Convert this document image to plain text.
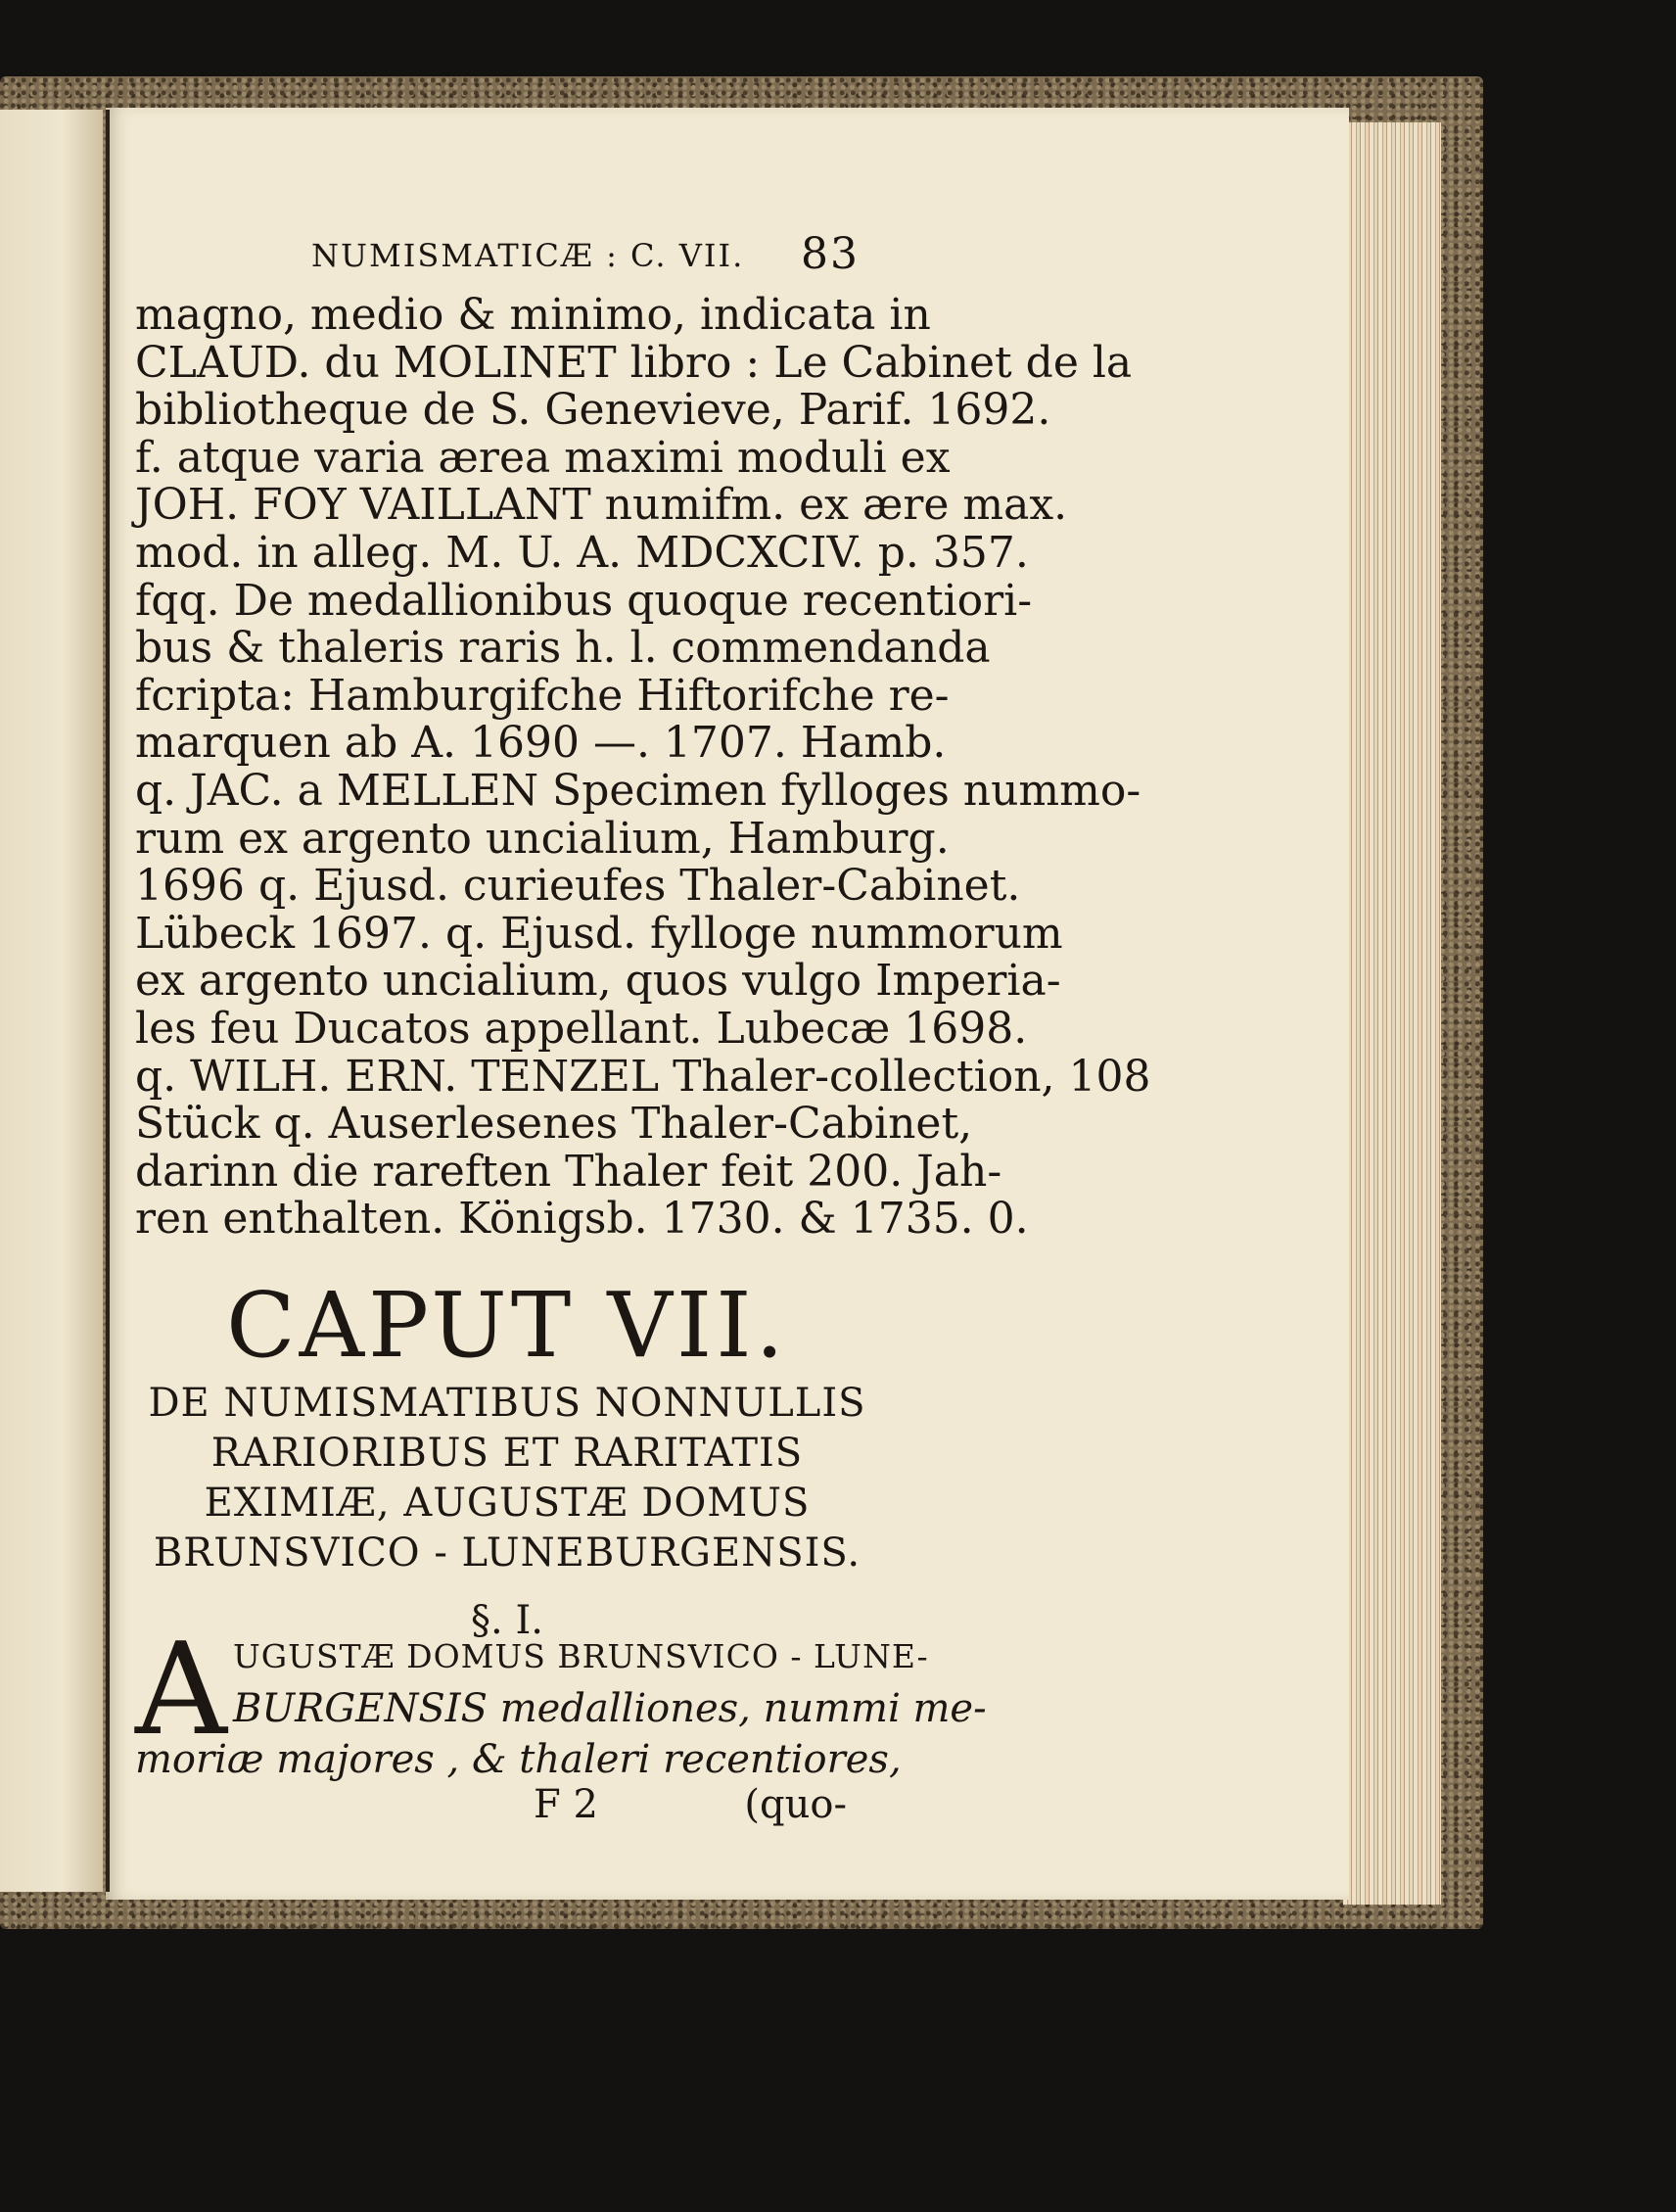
NUMISMATICÆ : C. VII. 83
magno, medio & minimo, indicata in
CLAUD. du MOLINET libro : Le Cabinet de la
bibliotheque de S. Genevieve, Parif. 1692.
f. atque varia ærea maximi moduli ex
JOH. FOY VAILLANT numifm. ex ære max.
mod. in alleg. M. U. A. MDCXCIV. p. 357.
fqq. De medallionibus quoque recentiori-
bus & thaleris raris h. l. commendanda
fcripta: Hamburgifche Hiftorifche re-
marquen ab A. 1690 —. 1707. Hamb.
q. JAC. a MELLEN Specimen fylloges nummo-
rum ex argento uncialium, Hamburg.
1696 q. Ejusd. curieufes Thaler-Cabinet.
Lübeck 1697. q. Ejusd. fylloge nummorum
ex argento uncialium, quos vulgo Imperia-
les feu Ducatos appellant. Lubecæ 1698.
q. WILH. ERN. TENZEL Thaler-collection, 108
Stück q. Auserlesenes Thaler-Cabinet,
darinn die rareften Thaler feit 200. Jah-
ren enthalten. Königsb. 1730. & 1735. 0.
CAPUT VII.
DE NUMISMATIBUS NONNULLIS
RARIORIBUS ET RARITATIS
EXIMIÆ, AUGUSTÆ DOMUS
BRUNSVICO - LUNEBURGENSIS.
§. I.
A UGUSTÆ DOMUS BRUNSVICO - LUNE-
BURGENSIS medalliones, nummi me-
moriæ majores , & thaleri recentiores,
F 2	(quo-
